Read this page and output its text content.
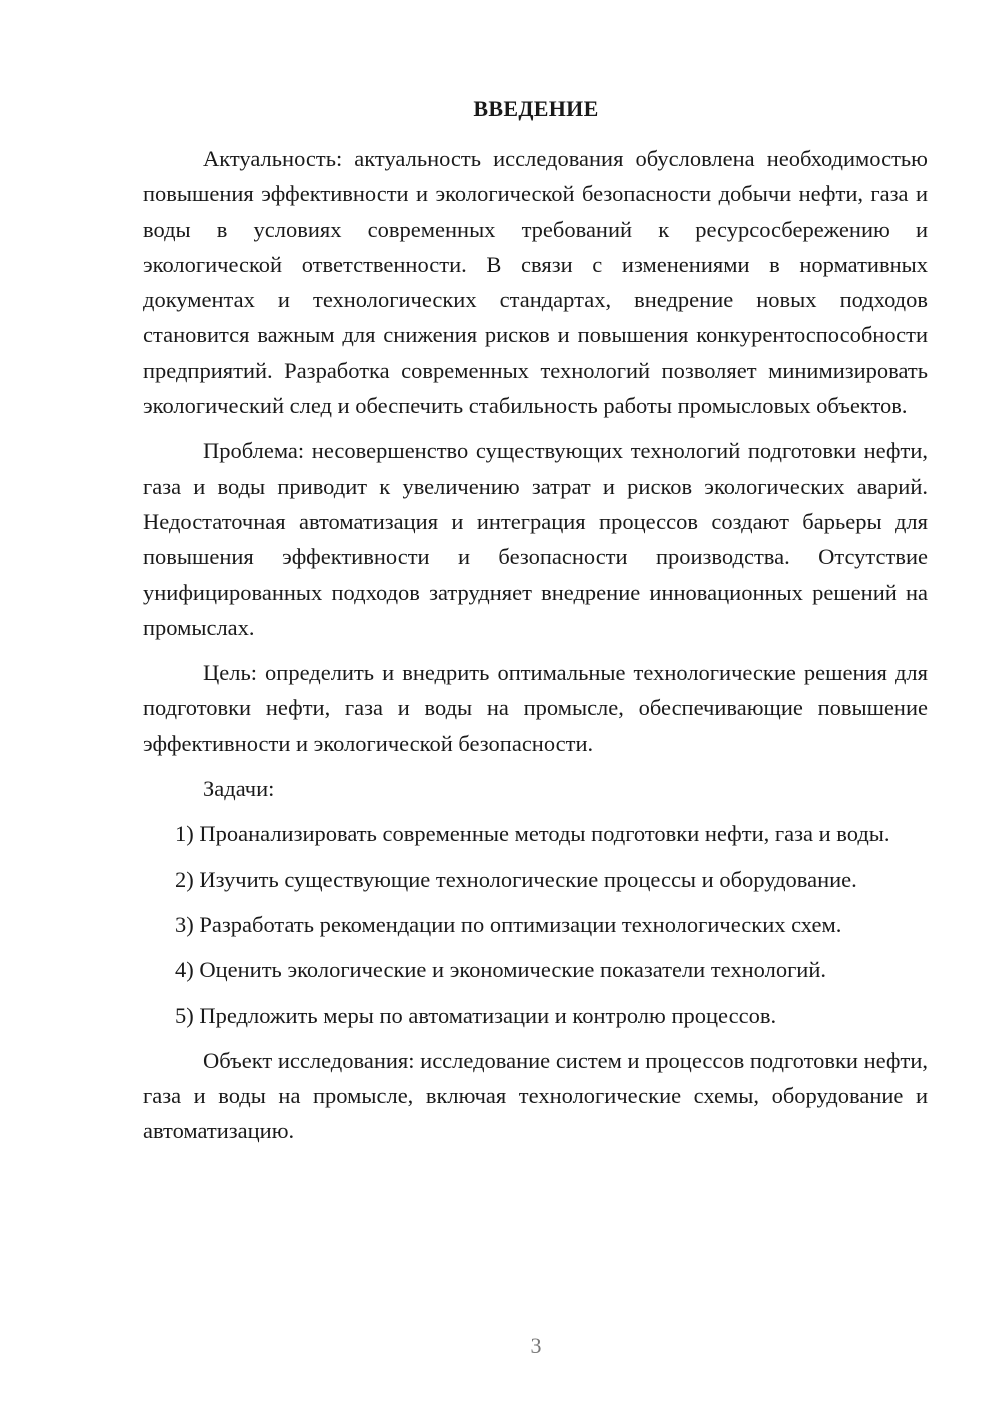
ВВЕДЕНИЕ

Актуальность: актуальность исследования обусловлена необходимостью повышения эффективности и экологической безопасности добычи нефти, газа и воды в условиях современных требований к ресурсосбережению и экологической ответственности. В связи с изменениями в нормативных документах и технологических стандартах, внедрение новых подходов становится важным для снижения рисков и повышения конкурентоспособности предприятий. Разработка современных технологий позволяет минимизировать экологический след и обеспечить стабильность работы промысловых объектов.

Проблема: несовершенство существующих технологий подготовки нефти, газа и воды приводит к увеличению затрат и рисков экологических аварий. Недостаточная автоматизация и интеграция процессов создают барьеры для повышения эффективности и безопасности производства. Отсутствие унифицированных подходов затрудняет внедрение инновационных решений на промыслах.

Цель: определить и внедрить оптимальные технологические решения для подготовки нефти, газа и воды на промысле, обеспечивающие повышение эффективности и экологической безопасности.

Задачи:

1) Проанализировать современные методы подготовки нефти, газа и воды.

2) Изучить существующие технологические процессы и оборудование.

3) Разработать рекомендации по оптимизации технологических схем.

4) Оценить экологические и экономические показатели технологий.

5) Предложить меры по автоматизации и контролю процессов.

Объект исследования: исследование систем и процессов подготовки нефти, газа и воды на промысле, включая технологические схемы, оборудование и автоматизацию.

3
